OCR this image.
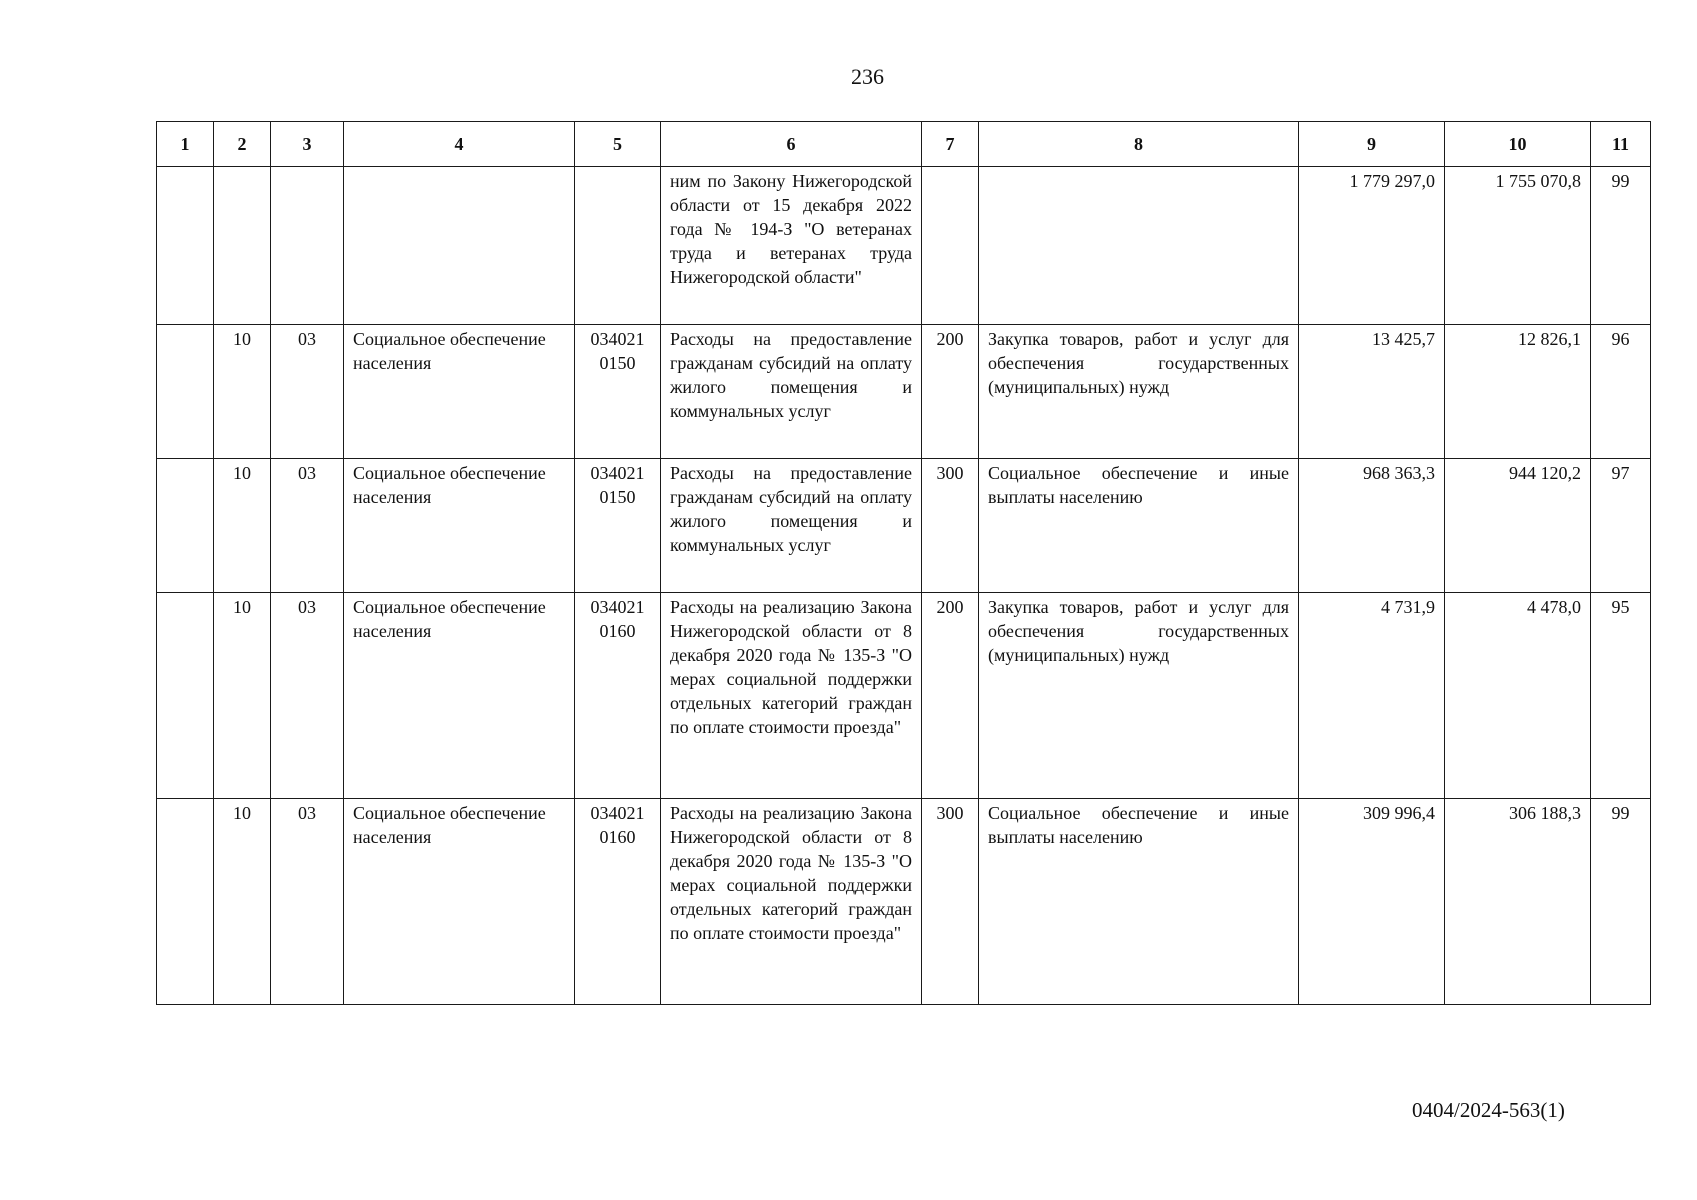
236
1	2	3	4	5	6	7	8	9	10	11
					ним по Закону Нижегородской области от 15 декабря 2022 года № 194-З "О ветеранах труда и ветеранах труда Нижегородской области"			1 779 297,0	1 755 070,8	99
	10	03	Социальное обеспечение населения	034021 0150	Расходы на предоставление гражданам субсидий на оплату жилого помещения и коммунальных услуг	200	Закупка товаров, работ и услуг для обеспечения государственных (муниципальных) нужд	13 425,7	12 826,1	96
	10	03	Социальное обеспечение населения	034021 0150	Расходы на предоставление гражданам субсидий на оплату жилого помещения и коммунальных услуг	300	Социальное обеспечение и иные выплаты населению	968 363,3	944 120,2	97
	10	03	Социальное обеспечение населения	034021 0160	Расходы на реализацию Закона Нижегородской области от 8 декабря 2020 года № 135-З "О мерах социальной поддержки отдельных категорий граждан по оплате стоимости проезда"	200	Закупка товаров, работ и услуг для обеспечения государственных (муниципальных) нужд	4 731,9	4 478,0	95
	10	03	Социальное обеспечение населения	034021 0160	Расходы на реализацию Закона Нижегородской области от 8 декабря 2020 года № 135-З "О мерах социальной поддержки отдельных категорий граждан по оплате стоимости проезда"	300	Социальное обеспечение и иные выплаты населению	309 996,4	306 188,3	99
0404/2024-563(1)
